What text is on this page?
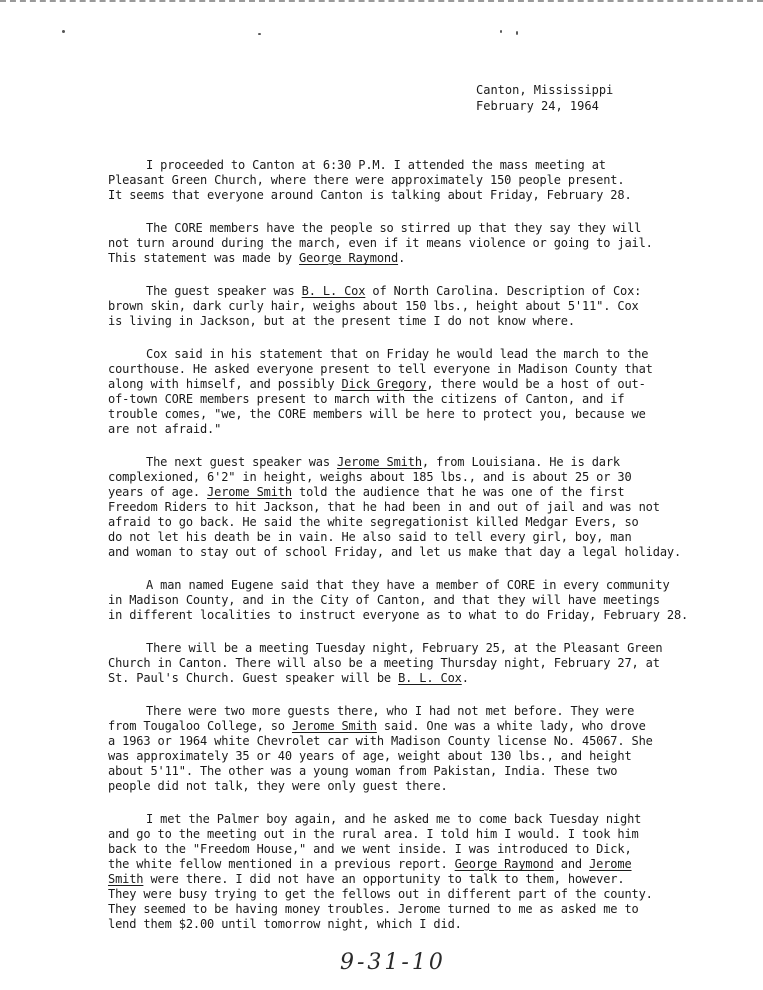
Canton, Mississippi
February 24, 1964
I proceeded to Canton at 6:30 P.M. I attended the mass meeting at
Pleasant Green Church, where there were approximately 150 people present.
It seems that everyone around Canton is talking about Friday, February 28.
The CORE members have the people so stirred up that they say they will
not turn around during the march, even if it means violence or going to jail.
This statement was made by George Raymond.
The guest speaker was B. L. Cox of North Carolina. Description of Cox:
brown skin, dark curly hair, weighs about 150 lbs., height about 5'11". Cox
is living in Jackson, but at the present time I do not know where.
Cox said in his statement that on Friday he would lead the march to the
courthouse. He asked everyone present to tell everyone in Madison County that
along with himself, and possibly Dick Gregory, there would be a host of out-
of-town CORE members present to march with the citizens of Canton, and if
trouble comes, "we, the CORE members will be here to protect you, because we
are not afraid."
The next guest speaker was Jerome Smith, from Louisiana. He is dark
complexioned, 6'2" in height, weighs about 185 lbs., and is about 25 or 30
years of age. Jerome Smith told the audience that he was one of the first
Freedom Riders to hit Jackson, that he had been in and out of jail and was not
afraid to go back. He said the white segregationist killed Medgar Evers, so
do not let his death be in vain. He also said to tell every girl, boy, man
and woman to stay out of school Friday, and let us make that day a legal holiday.
A man named Eugene said that they have a member of CORE in every community
in Madison County, and in the City of Canton, and that they will have meetings
in different localities to instruct everyone as to what to do Friday, February 28.
There will be a meeting Tuesday night, February 25, at the Pleasant Green
Church in Canton. There will also be a meeting Thursday night, February 27, at
St. Paul's Church. Guest speaker will be B. L. Cox.
There were two more guests there, who I had not met before. They were
from Tougaloo College, so Jerome Smith said. One was a white lady, who drove
a 1963 or 1964 white Chevrolet car with Madison County license No. 45067. She
was approximately 35 or 40 years of age, weight about 130 lbs., and height
about 5'11". The other was a young woman from Pakistan, India. These two
people did not talk, they were only guest there.
I met the Palmer boy again, and he asked me to come back Tuesday night
and go to the meeting out in the rural area. I told him I would. I took him
back to the "Freedom House," and we went inside. I was introduced to Dick,
the white fellow mentioned in a previous report. George Raymond and Jerome
Smith were there. I did not have an opportunity to talk to them, however.
They were busy trying to get the fellows out in different part of the county.
They seemed to be having money troubles. Jerome turned to me as asked me to
lend them $2.00 until tomorrow night, which I did.
9-31-10
